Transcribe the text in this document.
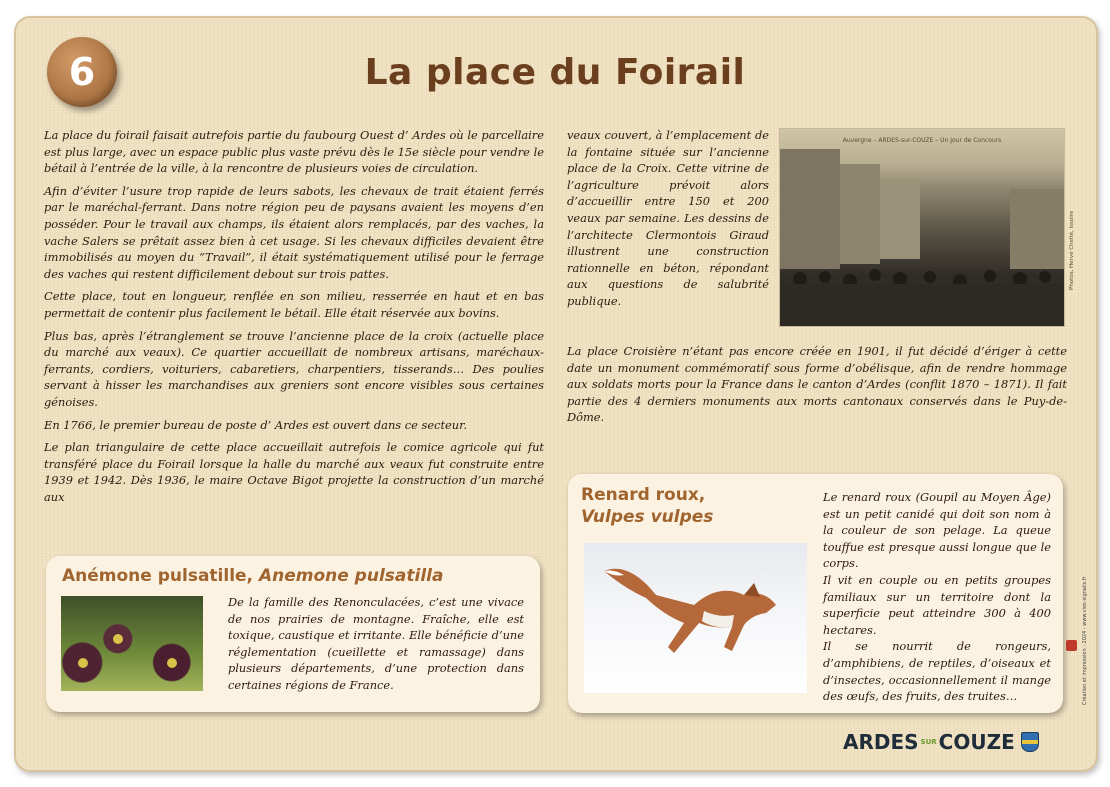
6	La place du Foirail

La place du foirail faisait autrefois partie du faubourg Ouest d’ Ardes où le parcellaire est plus large, avec un espace public plus vaste prévu dès le 15e siècle pour vendre le bétail à l’entrée de la ville, à la rencontre de plusieurs voies de circulation.

Afin d’éviter l’usure trop rapide de leurs sabots, les chevaux de trait étaient ferrés par le maréchal-ferrant. Dans notre région peu de paysans avaient les moyens d’en posséder. Pour le travail aux champs, ils étaient alors remplacés, par des vaches, la vache Salers se prêtait assez bien à cet usage. Si les chevaux difficiles devaient être immobilisés au moyen du “Travail”, il était systématiquement utilisé pour le ferrage des vaches qui restent difficilement debout sur trois pattes.

Cette place, tout en longueur, renflée en son milieu, resserrée en haut et en bas permettait de contenir plus facilement le bétail. Elle était réservée aux bovins.

Plus bas, après l’étranglement se trouve l’ancienne place de la croix (actuelle place du marché aux veaux). Ce quartier accueillait de nombreux artisans, maréchaux-ferrants, cordiers, voituriers, cabaretiers, charpentiers, tisserands… Des poulies servant à hisser les marchandises aux greniers sont encore visibles sous certaines génoises.

En 1766, le premier bureau de poste d’ Ardes est ouvert dans ce secteur.

Le plan triangulaire de cette place accueillait autrefois le comice agricole qui fut transféré place du Foirail lorsque la halle du marché aux veaux fut construite entre 1939 et 1942. Dès 1936, le maire Octave Bigot projette la construction d’un marché aux

veaux couvert, à l’emplacement de la fontaine située sur l’ancienne place de la Croix. Cette vitrine de l’agriculture prévoit alors d’accueillir entre 150 et 200 veaux par semaine. Les dessins de l’architecte Clermontois Giraud illustrent une construction rationnelle en béton, répondant aux questions de salubrité publique.

Auvergne – ARDES-sur-COUZE – Un Jour de Concours
Photos, Hervé Chelté, Issoire

La place Croisière n’étant pas encore créée en 1901, il fut décidé d’ériger à cette date un monument commémoratif sous forme d’obélisque, afin de rendre hommage aux soldats morts pour la France dans le canton d’Ardes (conflit 1870 – 1871). Il fait partie des 4 derniers monuments aux morts cantonaux conservés dans le Puy-de-Dôme.

Anémone pulsatille, Anemone pulsatilla
De la famille des Renonculacées, c’est une vivace de nos prairies de montagne. Fraîche, elle est toxique, caustique et irritante. Elle bénéficie d’une réglementation (cueillette et ramassage) dans plusieurs départements, d’une protection dans certaines régions de France.
Renard roux,
Vulpes vulpes

Le renard roux (Goupil au Moyen Âge) est un petit canidé qui doit son nom à la couleur de son pelage. La queue touffue est presque aussi longue que le corps.

Il vit en couple ou en petits groupes familiaux sur un territoire dont la superficie peut atteindre 300 à 400 hectares.

Il se nourrit de rongeurs, d’amphibiens, de reptiles, d’oiseaux et d’insectes, occasionnellement il mange des œufs, des fruits, des truites…	Création et impression : 2024 - www.vies-signalis.fr
ARDES SUR COUZE
